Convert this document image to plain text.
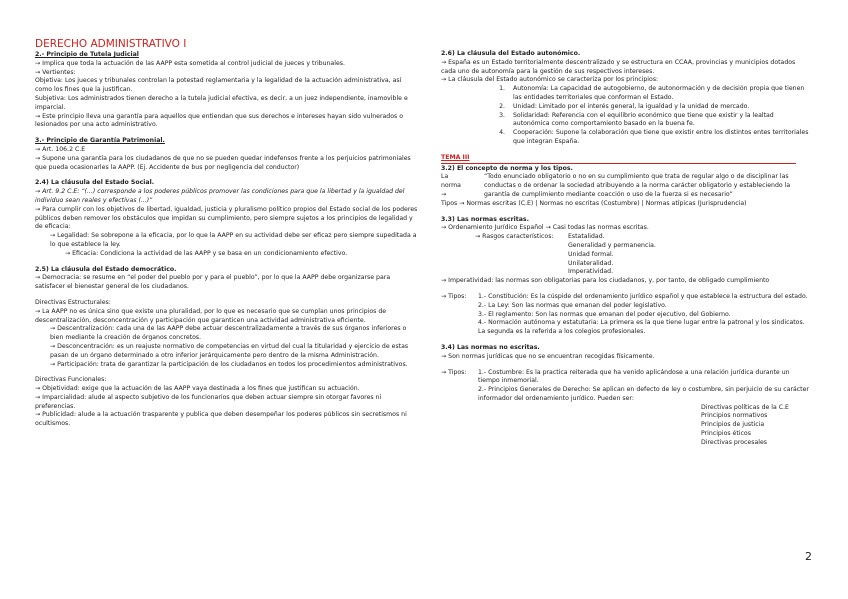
DERECHO ADMINISTRATIVO I

2.- Principio de Tutela Judicial

→ Implica que toda la actuación de las AAPP esta sometida al control judicial de jueces y tribunales.

→ Vertientes:

Objetiva: Los jueces y tribunales controlan la potestad reglamentaria y la legalidad de la actuación administrativa, así como los fines que la justifican.

Subjetiva: Los administrados tienen derecho a la tutela judicial efectiva, es decir, a un juez independiente, inamovible e imparcial.

→ Este principio lleva una garantía para aquellos que entiendan que sus derechos e intereses hayan sido vulnerados o lesionados por una acto administrativo.

3.- Principio de Garantía Patrimonial.

→ Art. 106.2 C.E

→ Supone una garantía para los ciudadanos de que no se pueden quedar indefensos frente a los perjuicios patrimoniales que pueda ocasionarles la AAPP. (Ej. Accidente de bus por negligencia del conductor)

2.4) La cláusula del Estado Social.

→ Art. 9.2 C.E: “(...) corresponde a los poderes públicos promover las condiciones para que la libertad y la igualdad del individuo sean reales y efectivas (...)”

→ Para cumplir con los objetivos de libertad, igualdad, justicia y pluralismo político propios del Estado social de los poderes públicos deben remover los obstáculos que impidan su cumplimiento, pero siempre sujetos a los principios de legalidad y de eficacia:

→ Legalidad: Se sobrepone a la eficacia, por lo que la AAPP en su actividad debe ser eficaz pero siempre supeditada a lo que establece la ley.

→ Eficacia: Condiciona la actividad de las AAPP y se basa en un condicionamiento efectivo.

2.5) La cláusula del Estado democrático.

→ Democracia: se resume en “el poder del pueblo por y para el pueblo”, por lo que la AAPP debe organizarse para satisfacer el bienestar general de los ciudadanos.

Directivas Estructurales:

→ La AAPP no es única sino que existe una pluralidad, por lo que es necesario que se cumplan unos principios de descentralización, desconcentración y participación que garanticen una actividad administrativa eficiente.

→ Descentralización: cada una de las AAPP debe actuar descentralizadamente a través de sus órganos inferiores o bien mediante la creación de órganos concretos.

→ Desconcentración: es un reajuste normativo de competencias en virtud del cual la titularidad y ejercicio de estas pasan de un órgano determinado a otro inferior jerárquicamente pero dentro de la misma Administración.

→ Participación: trata de garantizar la participación de los ciudadanos en todos los procedimientos administrativos.

Directivas Funcionales:

→ Objetividad: exige que la actuación de las AAPP vaya destinada a los fines que justifican su actuación.

→ Imparcialidad: alude al aspecto subjetivo de los funcionarios que deben actuar siempre sin otorgar favores ni preferencias.

→ Publicidad: alude a la actuación trasparente y publica que deben desempeñar los poderes públicos sin secretismos ni ocultismos.

2.6) La cláusula del Estado autonómico.

→ España es un Estado territorialmente descentralizado y se estructura en CCAA, provincias y municipios dotados cada uno de autonomía para la gestión de sus respectivos intereses.

→ La cláusula del Estado autonómico se caracteriza por los principios:

1. Autonomía: La capacidad de autogobierno, de autonormación y de decisión propia que tienen las entidades territoriales que conforman el Estado.
2. Unidad: Limitado por el interés general, la igualdad y la unidad de mercado.
3. Solidaridad: Referencia con el equilibrio económico que tiene que existir y la lealtad autonómica como comportamiento basado en la buena fe.
4. Cooperación: Supone la colaboración que tiene que existir entre los distintos entes territoriales que integran España.

TEMA III

3.2) El concepto de norma y los tipos.

La norma →
“Todo enunciado obligatorio o no en su cumplimiento que trata de regular algo o de disciplinar las conductas o de ordenar la sociedad atribuyendo a la norma carácter obligatorio y estableciendo la garantía de cumplimiento mediante coacción o uso de la fuerza si es necesario”

Tipos → Normas escritas (C.E) | Normas no escritas (Costumbre) | Normas atípicas (Jurisprudencia)

3.3) Las normas escritas.

→ Ordenamiento Jurídico Español → Casi todas las normas escritas.

→ Rasgos característicos:	Estatalidad.

Generalidad y permanencia.

Unidad formal.

Unilateralidad.

Imperatividad.

→ Imperatividad: las normas son obligatorias para los ciudadanos, y, por tanto, de obligado cumplimiento

→ Tipos:	1.- Constitución: Es la cúspide del ordenamiento jurídico español y que establece la estructura del estado.

2.- La Ley: Son las normas que emanan del poder legislativo.

3.- El reglamento: Son las normas que emanan del poder ejecutivo, del Gobierno.

4.- Normación autónoma y estatutaria: La primera es la que tiene lugar entre la patronal y los sindicatos. La segunda es la referida a los colegios profesionales.

3.4) Las normas no escritas.

→ Son normas jurídicas que no se encuentran recogidas físicamente.

→ Tipos:	1.- Costumbre: Es la practica reiterada que ha venido aplicándose a una relación jurídica durante un tiempo inmemorial.

2.- Principios Generales de Derecho: Se aplican en defecto de ley o costumbre, sin perjuicio de su carácter informador del ordenamiento jurídico. Pueden ser:

Directivas políticas de la C.E

Principios normativos

Principios de justicia

Principios éticos

Directivas procesales

2
